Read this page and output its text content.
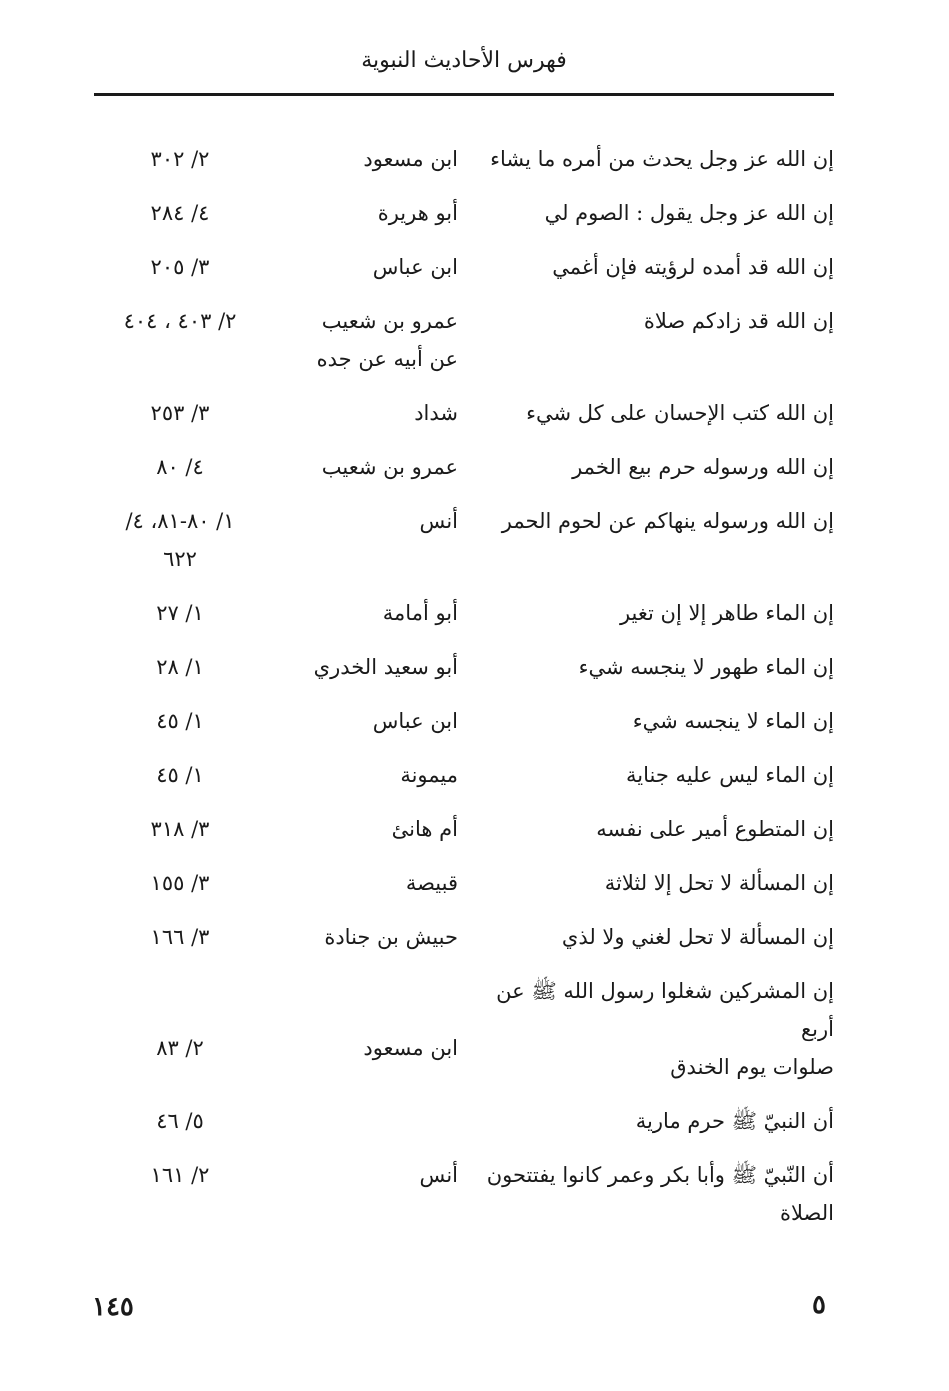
فهرس الأحاديث النبوية
إن الله عز وجل يحدث من أمره ما يشاء
ابن مسعود
٢/ ٣٠٢
إن الله عز وجل يقول : الصوم لي
أبو هريرة
٤/ ٢٨٤
إن الله قد أمده لرؤيته فإن أغمي
ابن عباس
٣/ ٢٠٥
إن الله قد زادكم صلاة
عمرو بن شعيب
عن أبيه عن جده
٢/ ٤٠٣ ، ٤٠٤
إن الله كتب الإحسان على كل شيء
شداد
٣/ ٢٥٣
إن الله ورسوله حرم بيع الخمر
عمرو بن شعيب
٤/ ٨٠
إن الله ورسوله ينهاكم عن لحوم الحمر
أنس
١/ ٨٠-٨١، ٤/
٦٢٢
إن الماء طاهر إلا إن تغير
أبو أمامة
١/ ٢٧
إن الماء طهور لا ينجسه شيء
أبو سعيد الخدري
١/ ٢٨
إن الماء لا ينجسه شيء
ابن عباس
١/ ٤٥
إن الماء ليس عليه جناية
ميمونة
١/ ٤٥
إن المتطوع أمير على نفسه
أم هانئ
٣/ ٣١٨
إن المسألة لا تحل إلا لثلاثة
قبيصة
٣/ ١٥٥
إن المسألة لا تحل لغني ولا لذي
حبيش بن جنادة
٣/ ١٦٦
إن المشركين شغلوا رسول الله ﷺ عن أربع
صلوات يوم الخندق
ابن مسعود
٢/ ٨٣
أن النبيّ ﷺ حرم مارية
٥/ ٤٦
أن النّبيّ ﷺ وأبا بكر وعمر كانوا يفتتحون
الصلاة
أنس
٢/ ١٦١
١٤٥	٥
